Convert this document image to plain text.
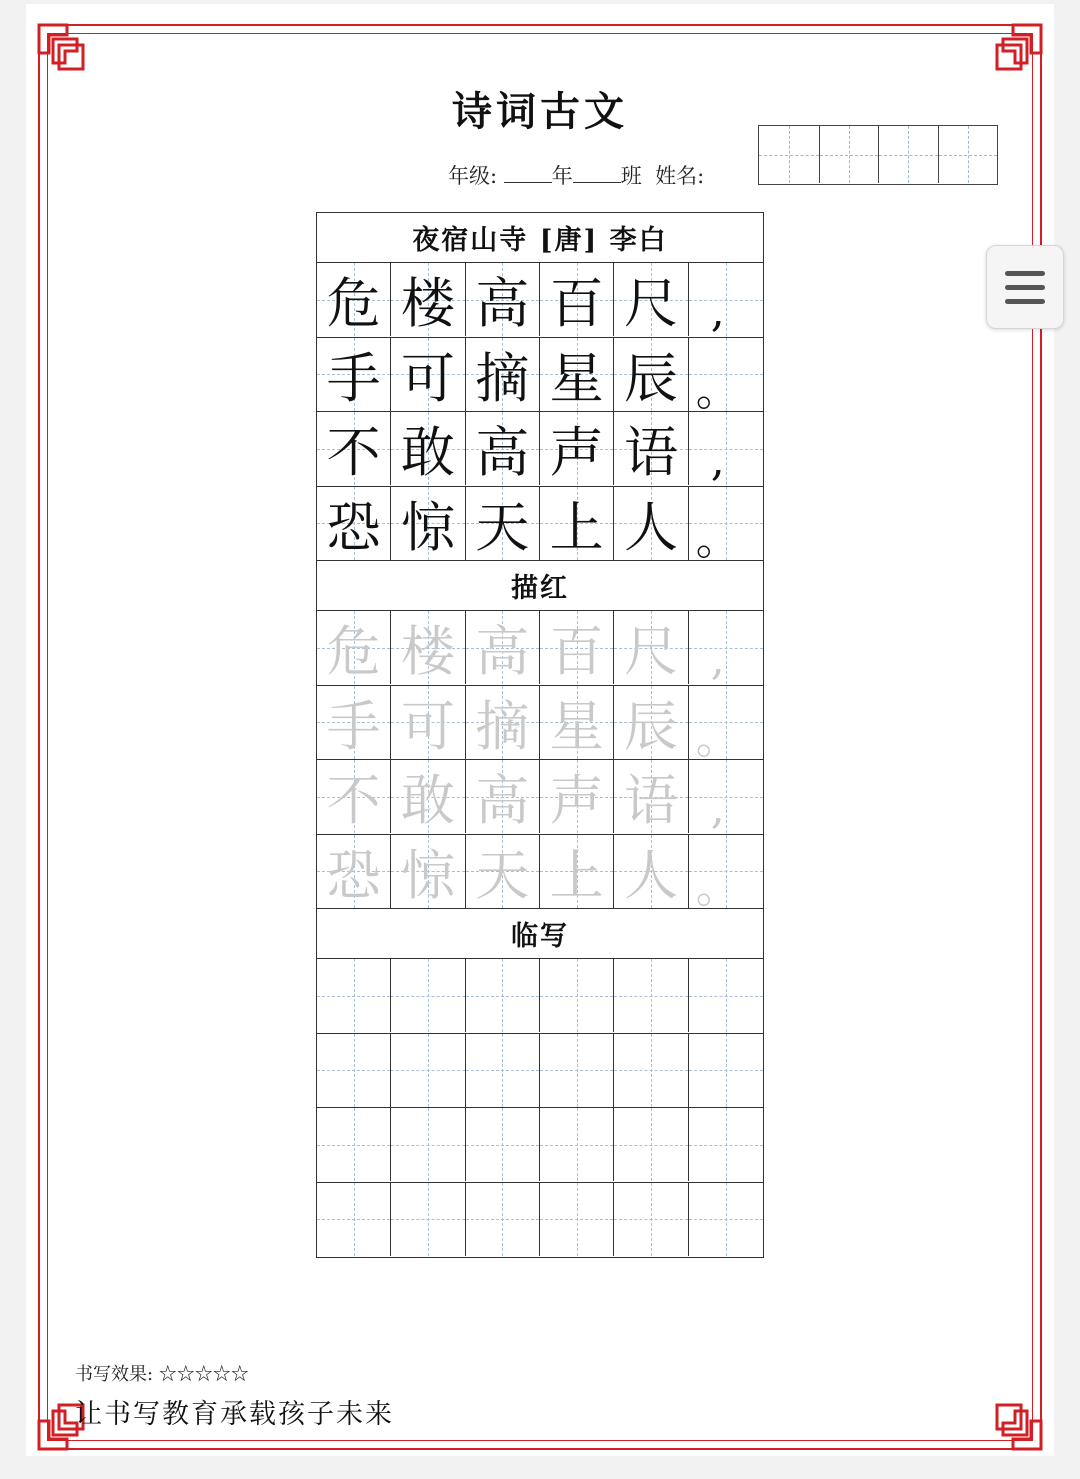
诗词古文
年级:	年 班 姓名:
夜宿山寺 [唐] 李白
危 楼 高 百 尺 ,
手 可 摘 星 辰 。
不 敢 高 声 语 ,
恐 惊 天 上 人 。
描红
危 楼 高 百 尺 ,
手 可 摘 星 辰 。
不 敢 高 声 语 ,
恐 惊 天 上 人 。
临写
书写效果: ☆☆☆☆☆
让书写教育承载孩子未来
